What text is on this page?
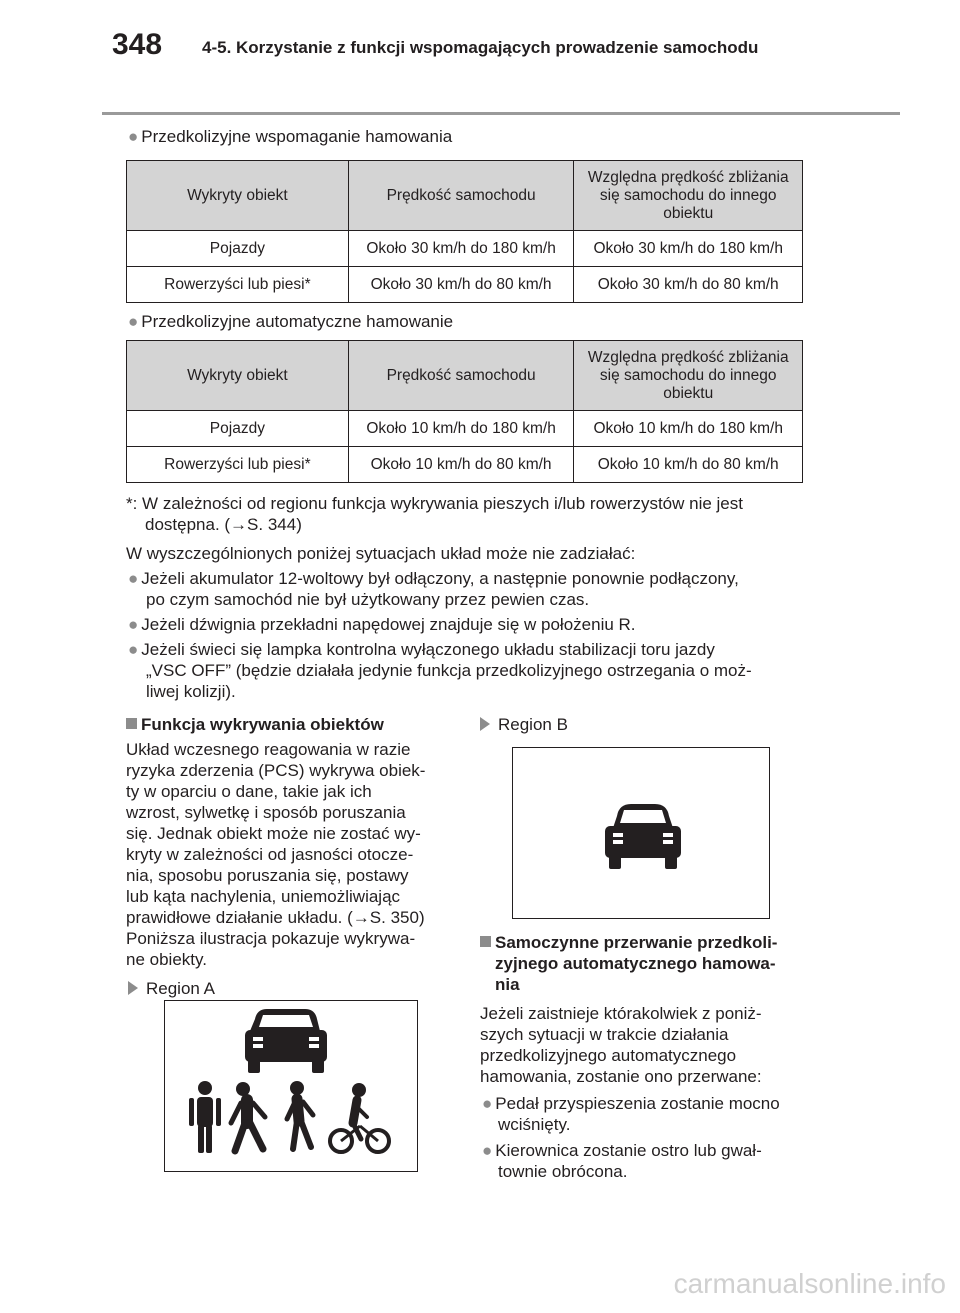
348 4-5. Korzystanie z funkcji wspomagających prowadzenie samochodu
● Przedkolizyjne wspomaganie hamowania
Wykryty obiekt	Prędkość samochodu	Względna prędkość zbliżania się samochodu do innego obiektu
Pojazdy	Około 30 km/h do 180 km/h	Około 30 km/h do 180 km/h
Rowerzyści lub piesi*	Około 30 km/h do 80 km/h	Około 30 km/h do 80 km/h
● Przedkolizyjne automatyczne hamowanie
Wykryty obiekt	Prędkość samochodu	Względna prędkość zbliżania się samochodu do innego obiektu
Pojazdy	Około 10 km/h do 180 km/h	Około 10 km/h do 180 km/h
Rowerzyści lub piesi*	Około 10 km/h do 80 km/h	Około 10 km/h do 80 km/h
*: W zależności od regionu funkcja wykrywania pieszych i/lub rowerzystów nie jest
dostępna. (→S. 344)
W wyszczególnionych poniżej sytuacjach układ może nie zadziałać:
● Jeżeli akumulator 12-woltowy był odłączony, a następnie ponownie podłączony,
po czym samochód nie był użytkowany przez pewien czas.
● Jeżeli dźwignia przekładni napędowej znajduje się w położeniu R.
● Jeżeli świeci się lampka kontrolna wyłączonego układu stabilizacji toru jazdy
„VSC OFF” (będzie działała jedynie funkcja przedkolizyjnego ostrzegania o moż-
liwej kolizji).
Funkcja wykrywania obiektów
Układ wczesnego reagowania w razie
ryzyka zderzenia (PCS) wykrywa obiek-
ty w oparciu o dane, takie jak ich
wzrost, sylwetkę i sposób poruszania
się. Jednak obiekt może nie zostać wy-
kryty w zależności od jasności otocze-
nia, sposobu poruszania się, postawy
lub kąta nachylenia, uniemożliwiając
prawidłowe działanie układu. (→S. 350)
Poniższa ilustracja pokazuje wykrywa-
ne obiekty.
Region A
Region B
Samoczynne przerwanie przedkoli-
zyjnego automatycznego hamowa-
nia
Jeżeli zaistnieje którakolwiek z poniż-
szych sytuacji w trakcie działania
przedkolizyjnego automatycznego
hamowania, zostanie ono przerwane:
● Pedał przyspieszenia zostanie mocno
wciśnięty.
● Kierownica zostanie ostro lub gwał-
townie obrócona.
carmanualsonline.info
